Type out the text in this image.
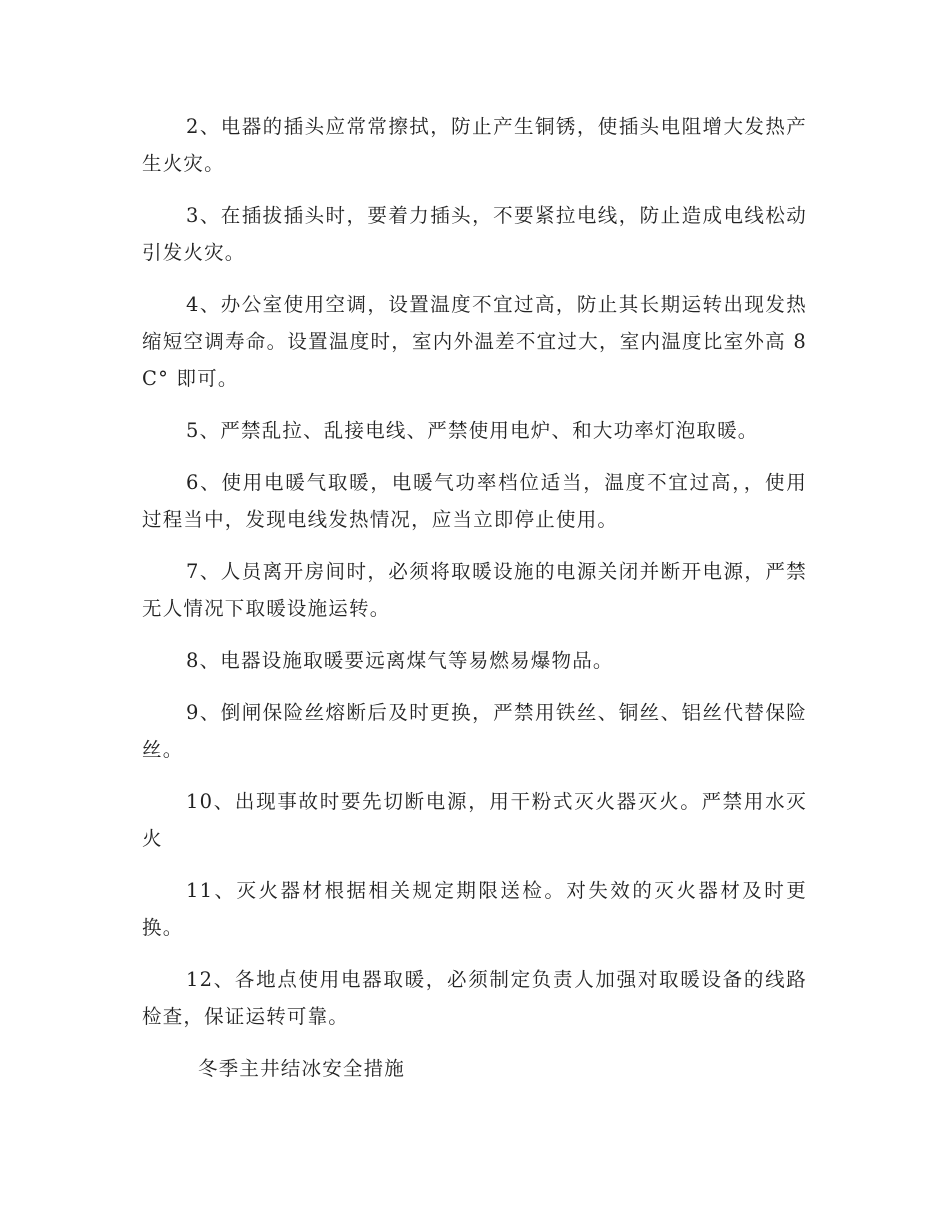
2、电器的插头应常常擦拭，防止产生铜锈，使插头电阻增大发热产生火灾。

3、在插拔插头时，要着力插头，不要紧拉电线，防止造成电线松动引发火灾。

4、办公室使用空调，设置温度不宜过高，防止其长期运转出现发热缩短空调寿命。设置温度时，室内外温差不宜过大，室内温度比室外高 8C° 即可。

5、严禁乱拉、乱接电线、严禁使用电炉、和大功率灯泡取暖。

6、使用电暖气取暖，电暖气功率档位适当，温度不宜过高，，使用过程当中，发现电线发热情况，应当立即停止使用。

7、人员离开房间时，必须将取暖设施的电源关闭并断开电源，严禁无人情况下取暖设施运转。

8、电器设施取暖要远离煤气等易燃易爆物品。

9、倒闸保险丝熔断后及时更换，严禁用铁丝、铜丝、铝丝代替保险丝。

10、出现事故时要先切断电源，用干粉式灭火器灭火。严禁用水灭火

11、灭火器材根据相关规定期限送检。对失效的灭火器材及时更换。

12、各地点使用电器取暖，必须制定负责人加强对取暖设备的线路检查，保证运转可靠。

冬季主井结冰安全措施
